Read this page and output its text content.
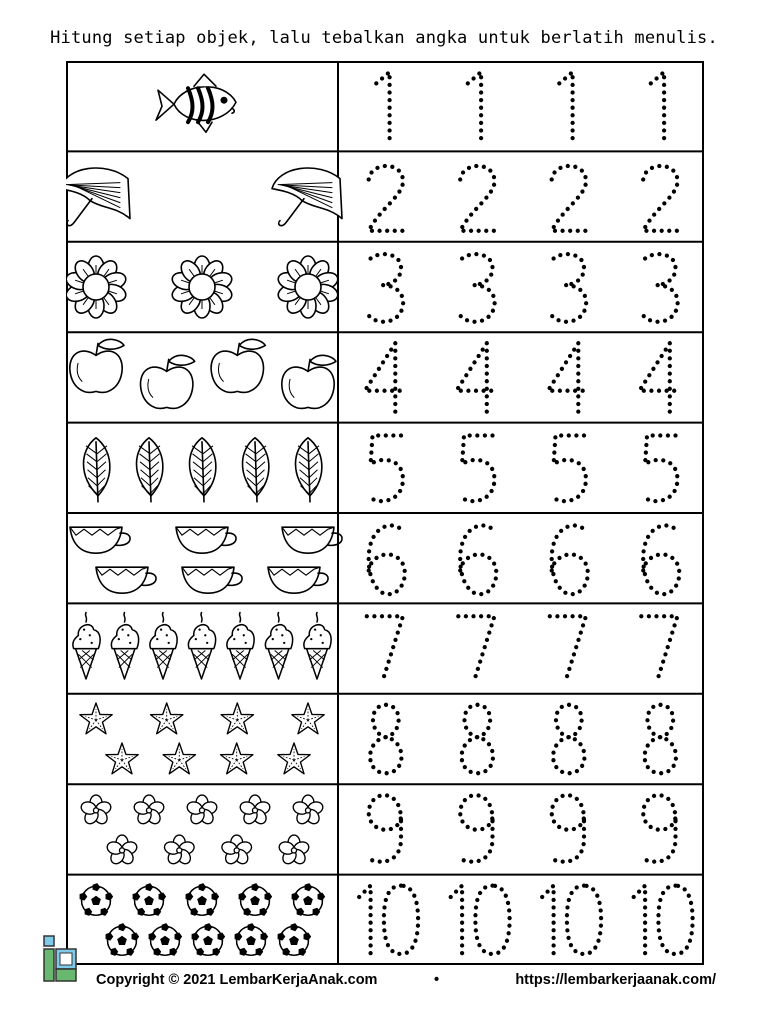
Hitung setiap objek, lalu tebalkan angka untuk berlatih menulis.
1	1	1	1
2	2	2	2
3	3	3	3
4	4	4	4
5	5	5	5
6	6	6	6
7	7	7	7
8	8	8	8
9	9	9	9
10	10	10	10
Copyright © 2021 LembarKerjaAnak.com	•	https://lembarkerjaanak.com/
